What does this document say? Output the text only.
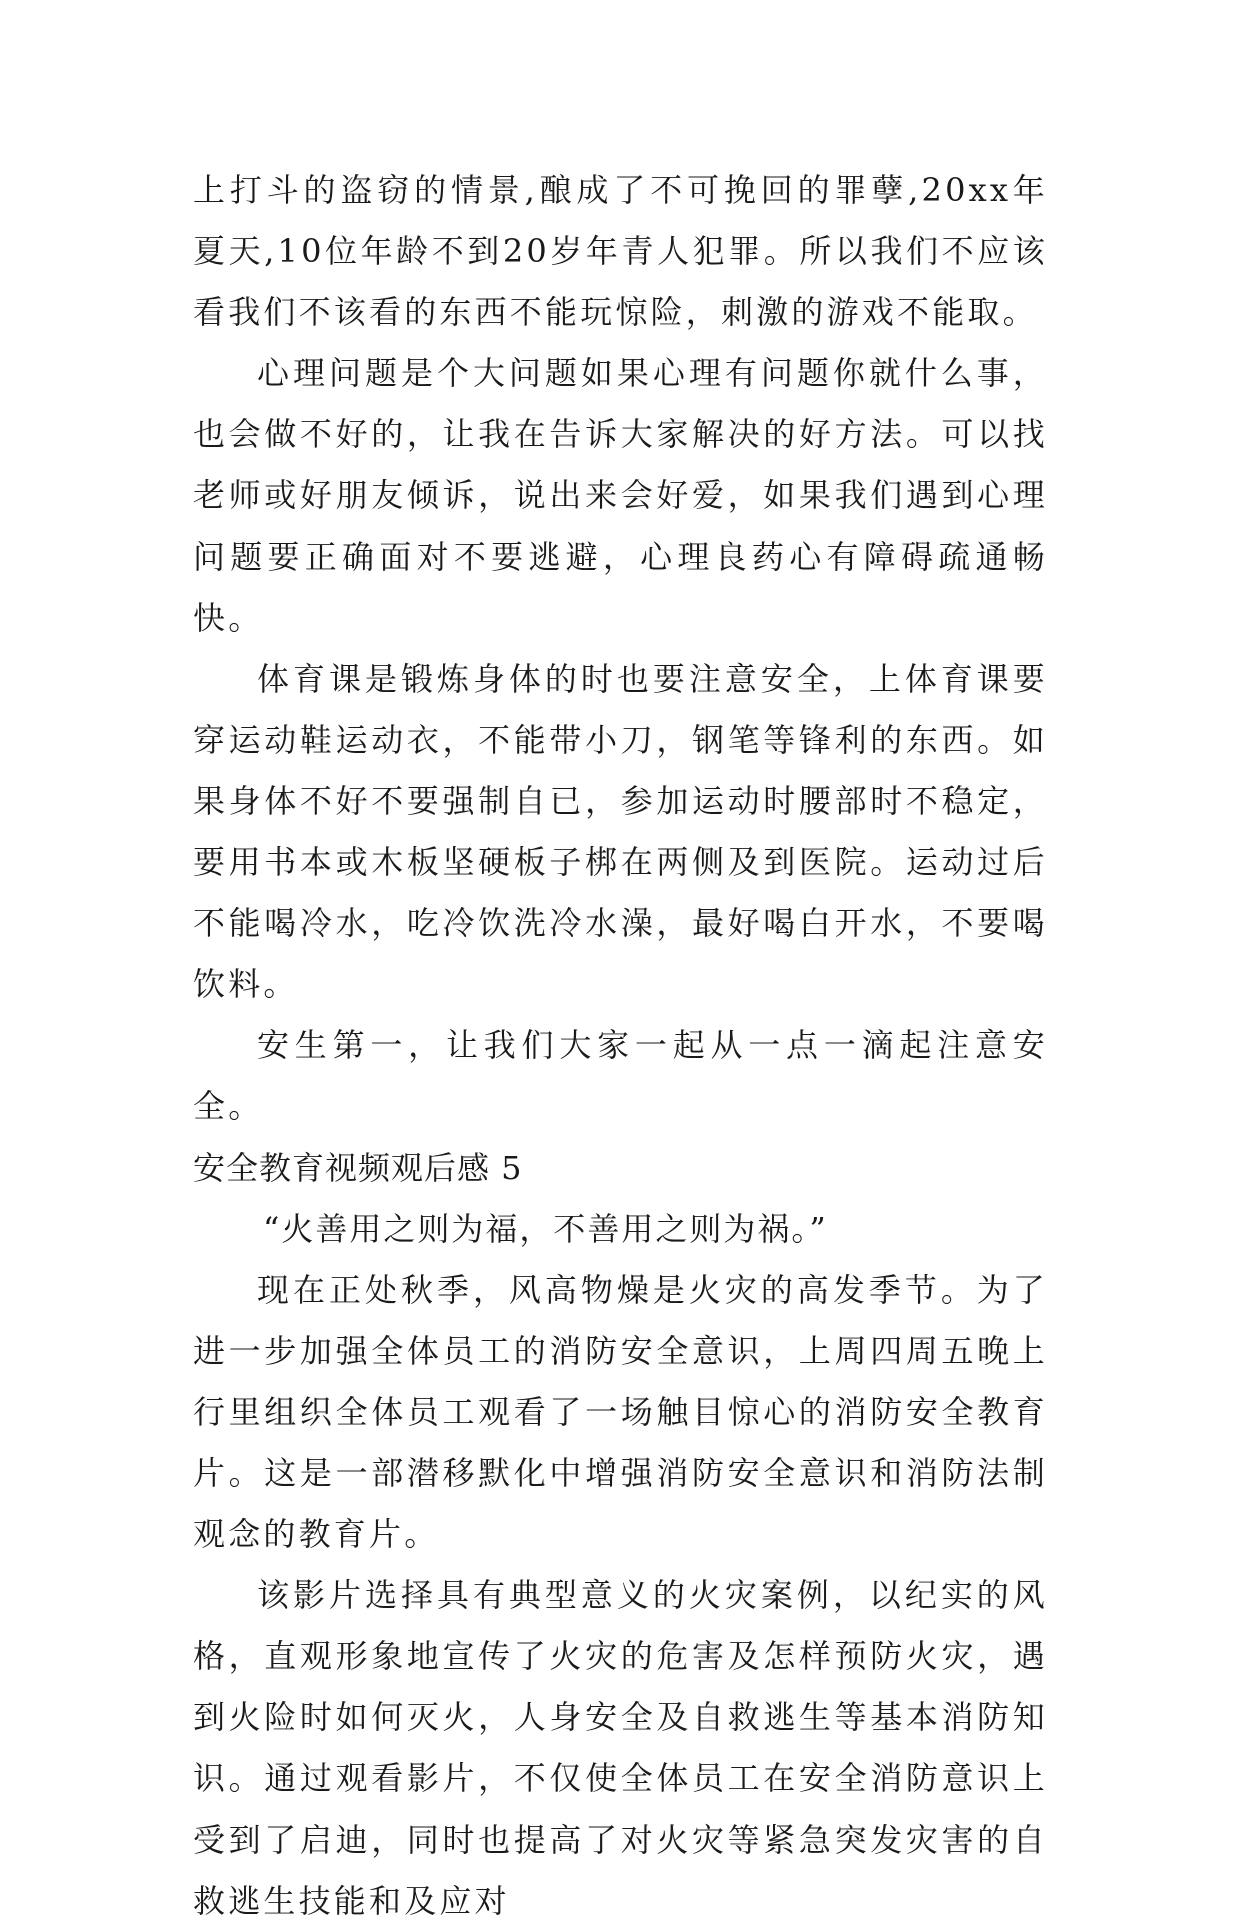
上打斗的盗窃的情景,酿成了不可挽回的罪孽,20xx年夏天,10位年龄不到20岁年青人犯罪。所以我们不应该看我们不该看的东西不能玩惊险，刺激的游戏不能取。

心理问题是个大问题如果心理有问题你就什么事，也会做不好的，让我在告诉大家解决的好方法。可以找老师或好朋友倾诉，说出来会好爱，如果我们遇到心理问题要正确面对不要逃避，心理良药心有障碍疏通畅快。

体育课是锻炼身体的时也要注意安全，上体育课要穿运动鞋运动衣，不能带小刀，钢笔等锋利的东西。如果身体不好不要强制自已，参加运动时腰部时不稳定，要用书本或木板坚硬板子梆在两侧及到医院。运动过后不能喝冷水，吃冷饮洗冷水澡，最好喝白开水，不要喝饮料。

安生第一，让我们大家一起从一点一滴起注意安全。

安全教育视频观后感 5

“火善用之则为福，不善用之则为祸。”

现在正处秋季，风高物燥是火灾的高发季节。为了进一步加强全体员工的消防安全意识，上周四周五晚上行里组织全体员工观看了一场触目惊心的消防安全教育片。这是一部潜移默化中增强消防安全意识和消防法制观念的教育片。

该影片选择具有典型意义的火灾案例，以纪实的风格，直观形象地宣传了火灾的危害及怎样预防火灾，遇到火险时如何灭火，人身安全及自救逃生等基本消防知识。通过观看影片，不仅使全体员工在安全消防意识上受到了启迪，同时也提高了对火灾等紧急突发灾害的自救逃生技能和及应对
